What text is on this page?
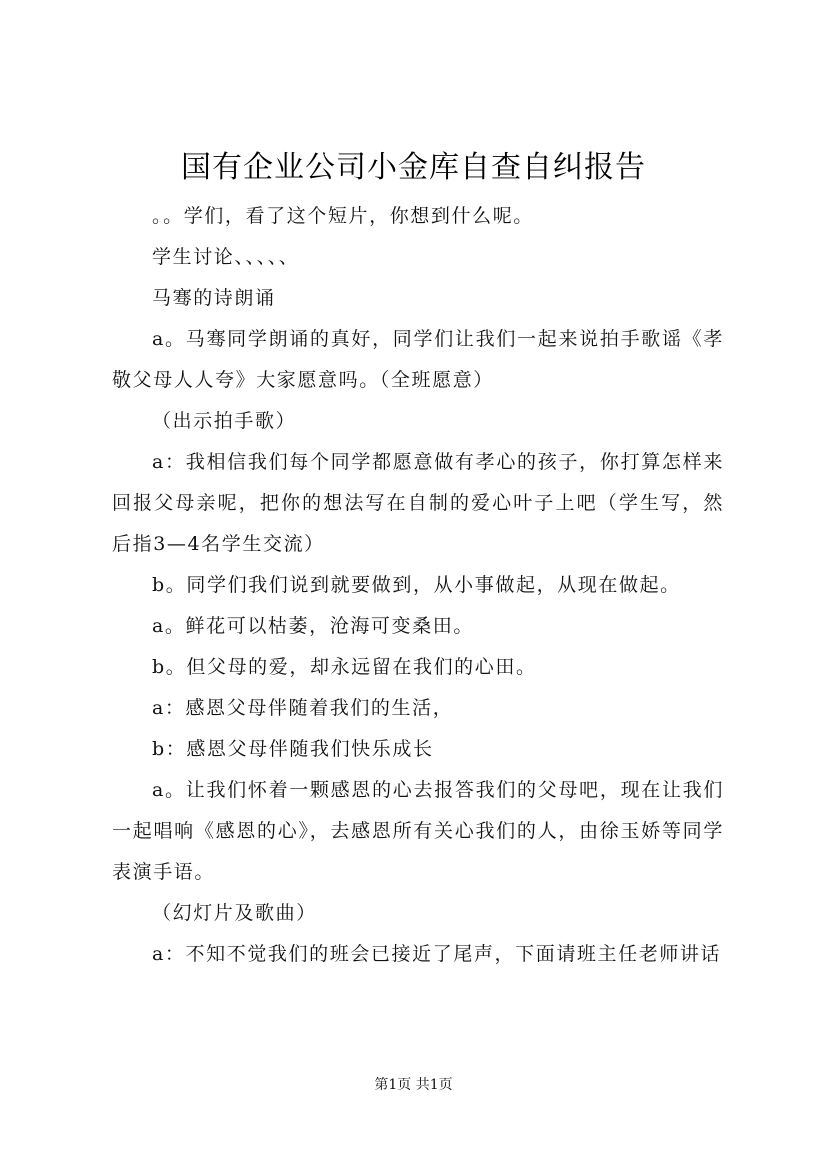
国有企业公司小金库自查自纠报告

。。学们，看了这个短片，你想到什么呢。

学生讨论、、、、、

马骞的诗朗诵

a。马骞同学朗诵的真好，同学们让我们一起来说拍手歌谣《孝敬父母人人夸》大家愿意吗。（全班愿意）

（出示拍手歌）

a：我相信我们每个同学都愿意做有孝心的孩子，你打算怎样来回报父母亲呢，把你的想法写在自制的爱心叶子上吧（学生写，然后指3—4名学生交流）

b。同学们我们说到就要做到，从小事做起，从现在做起。

a。鲜花可以枯萎，沧海可变桑田。

b。但父母的爱，却永远留在我们的心田。

a：感恩父母伴随着我们的生活，

b：感恩父母伴随我们快乐成长

a。让我们怀着一颗感恩的心去报答我们的父母吧，现在让我们一起唱响《感恩的心》，去感恩所有关心我们的人，由徐玉娇等同学表演手语。

（幻灯片及歌曲）

a：不知不觉我们的班会已接近了尾声，下面请班主任老师讲话

第1页 共1页
